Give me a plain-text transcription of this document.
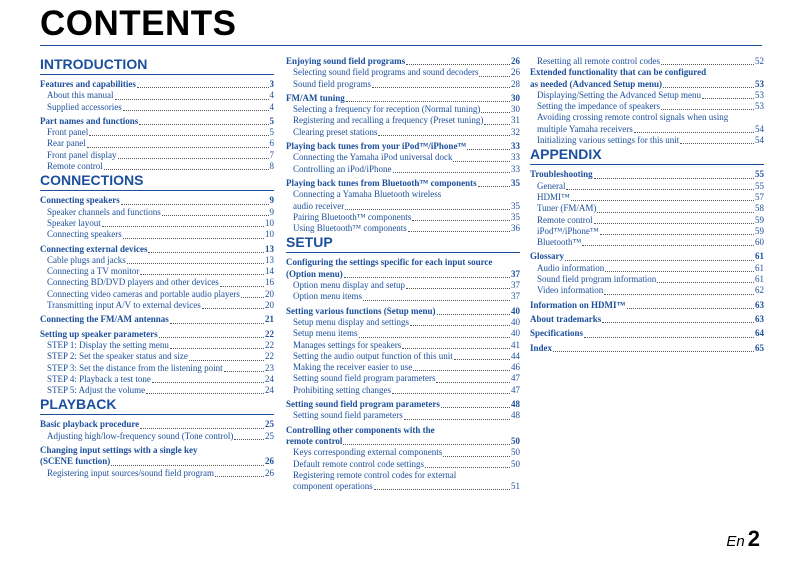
CONTENTS
INTRODUCTION
Features and capabilities	3
About this manual	4
Supplied accessories	4
Part names and functions	5
Front panel	5
Rear panel	6
Front panel display	7
Remote control	8
CONNECTIONS
Connecting speakers	9
Speaker channels and functions	9
Speaker layout	10
Connecting speakers	10
Connecting external devices	13
Cable plugs and jacks	13
Connecting a TV monitor	14
Connecting BD/DVD players and other devices	16
Connecting video cameras and portable audio players	20
Transmitting input A/V to external devices	20
Connecting the FM/AM antennas	21
Setting up speaker parameters	22
STEP 1: Display the setting menu	22
STEP 2: Set the speaker status and size	22
STEP 3: Set the distance from the listening point	23
STEP 4: Playback a test tone	24
STEP 5: Adjust the volume	24
PLAYBACK
Basic playback procedure	25
Adjusting high/low-frequency sound (Tone control)	25
Changing input settings with a single key
(SCENE function)	26
Registering input sources/sound field program	26
Enjoying sound field programs	26
Selecting sound field programs and sound decoders	26
Sound field programs	28
FM/AM tuning	30
Selecting a frequency for reception (Normal tuning)	30
Registering and recalling a frequency (Preset tuning)	31
Clearing preset stations	32
Playing back tunes from your iPod™/iPhone™	33
Connecting the Yamaha iPod universal dock	33
Controlling an iPod/iPhone	33
Playing back tunes from Bluetooth™ components	35
Connecting a Yamaha Bluetooth wireless
audio receiver	35
Pairing Bluetooth™ components	35
Using Bluetooth™ components	36
SETUP
Configuring the settings specific for each input source
(Option menu)	37
Option menu display and setup	37
Option menu items	37
Setting various functions (Setup menu)	40
Setup menu display and settings	40
Setup menu items	40
Manages settings for speakers	41
Setting the audio output function of this unit	44
Making the receiver easier to use	46
Setting sound field program parameters	47
Prohibiting setting changes	47
Setting sound field program parameters	48
Setting sound field parameters	48
Controlling other components with the
remote control	50
Keys corresponding external components	50
Default remote control code settings	50
Registering remote control codes for external
component operations	51
Resetting all remote control codes	52
Extended functionality that can be configured
as needed (Advanced Setup menu)	53
Displaying/Setting the Advanced Setup menu	53
Setting the impedance of speakers	53
Avoiding crossing remote control signals when using
multiple Yamaha receivers	54
Initializing various settings for this unit	54
APPENDIX
Troubleshooting	55
General	55
HDMI™	57
Tuner (FM/AM)	58
Remote control	59
iPod™/iPhone™	59
Bluetooth™	60
Glossary	61
Audio information	61
Sound field program information	61
Video information	62
Information on HDMI™	63
About trademarks	63
Specifications	64
Index	65
En 2
